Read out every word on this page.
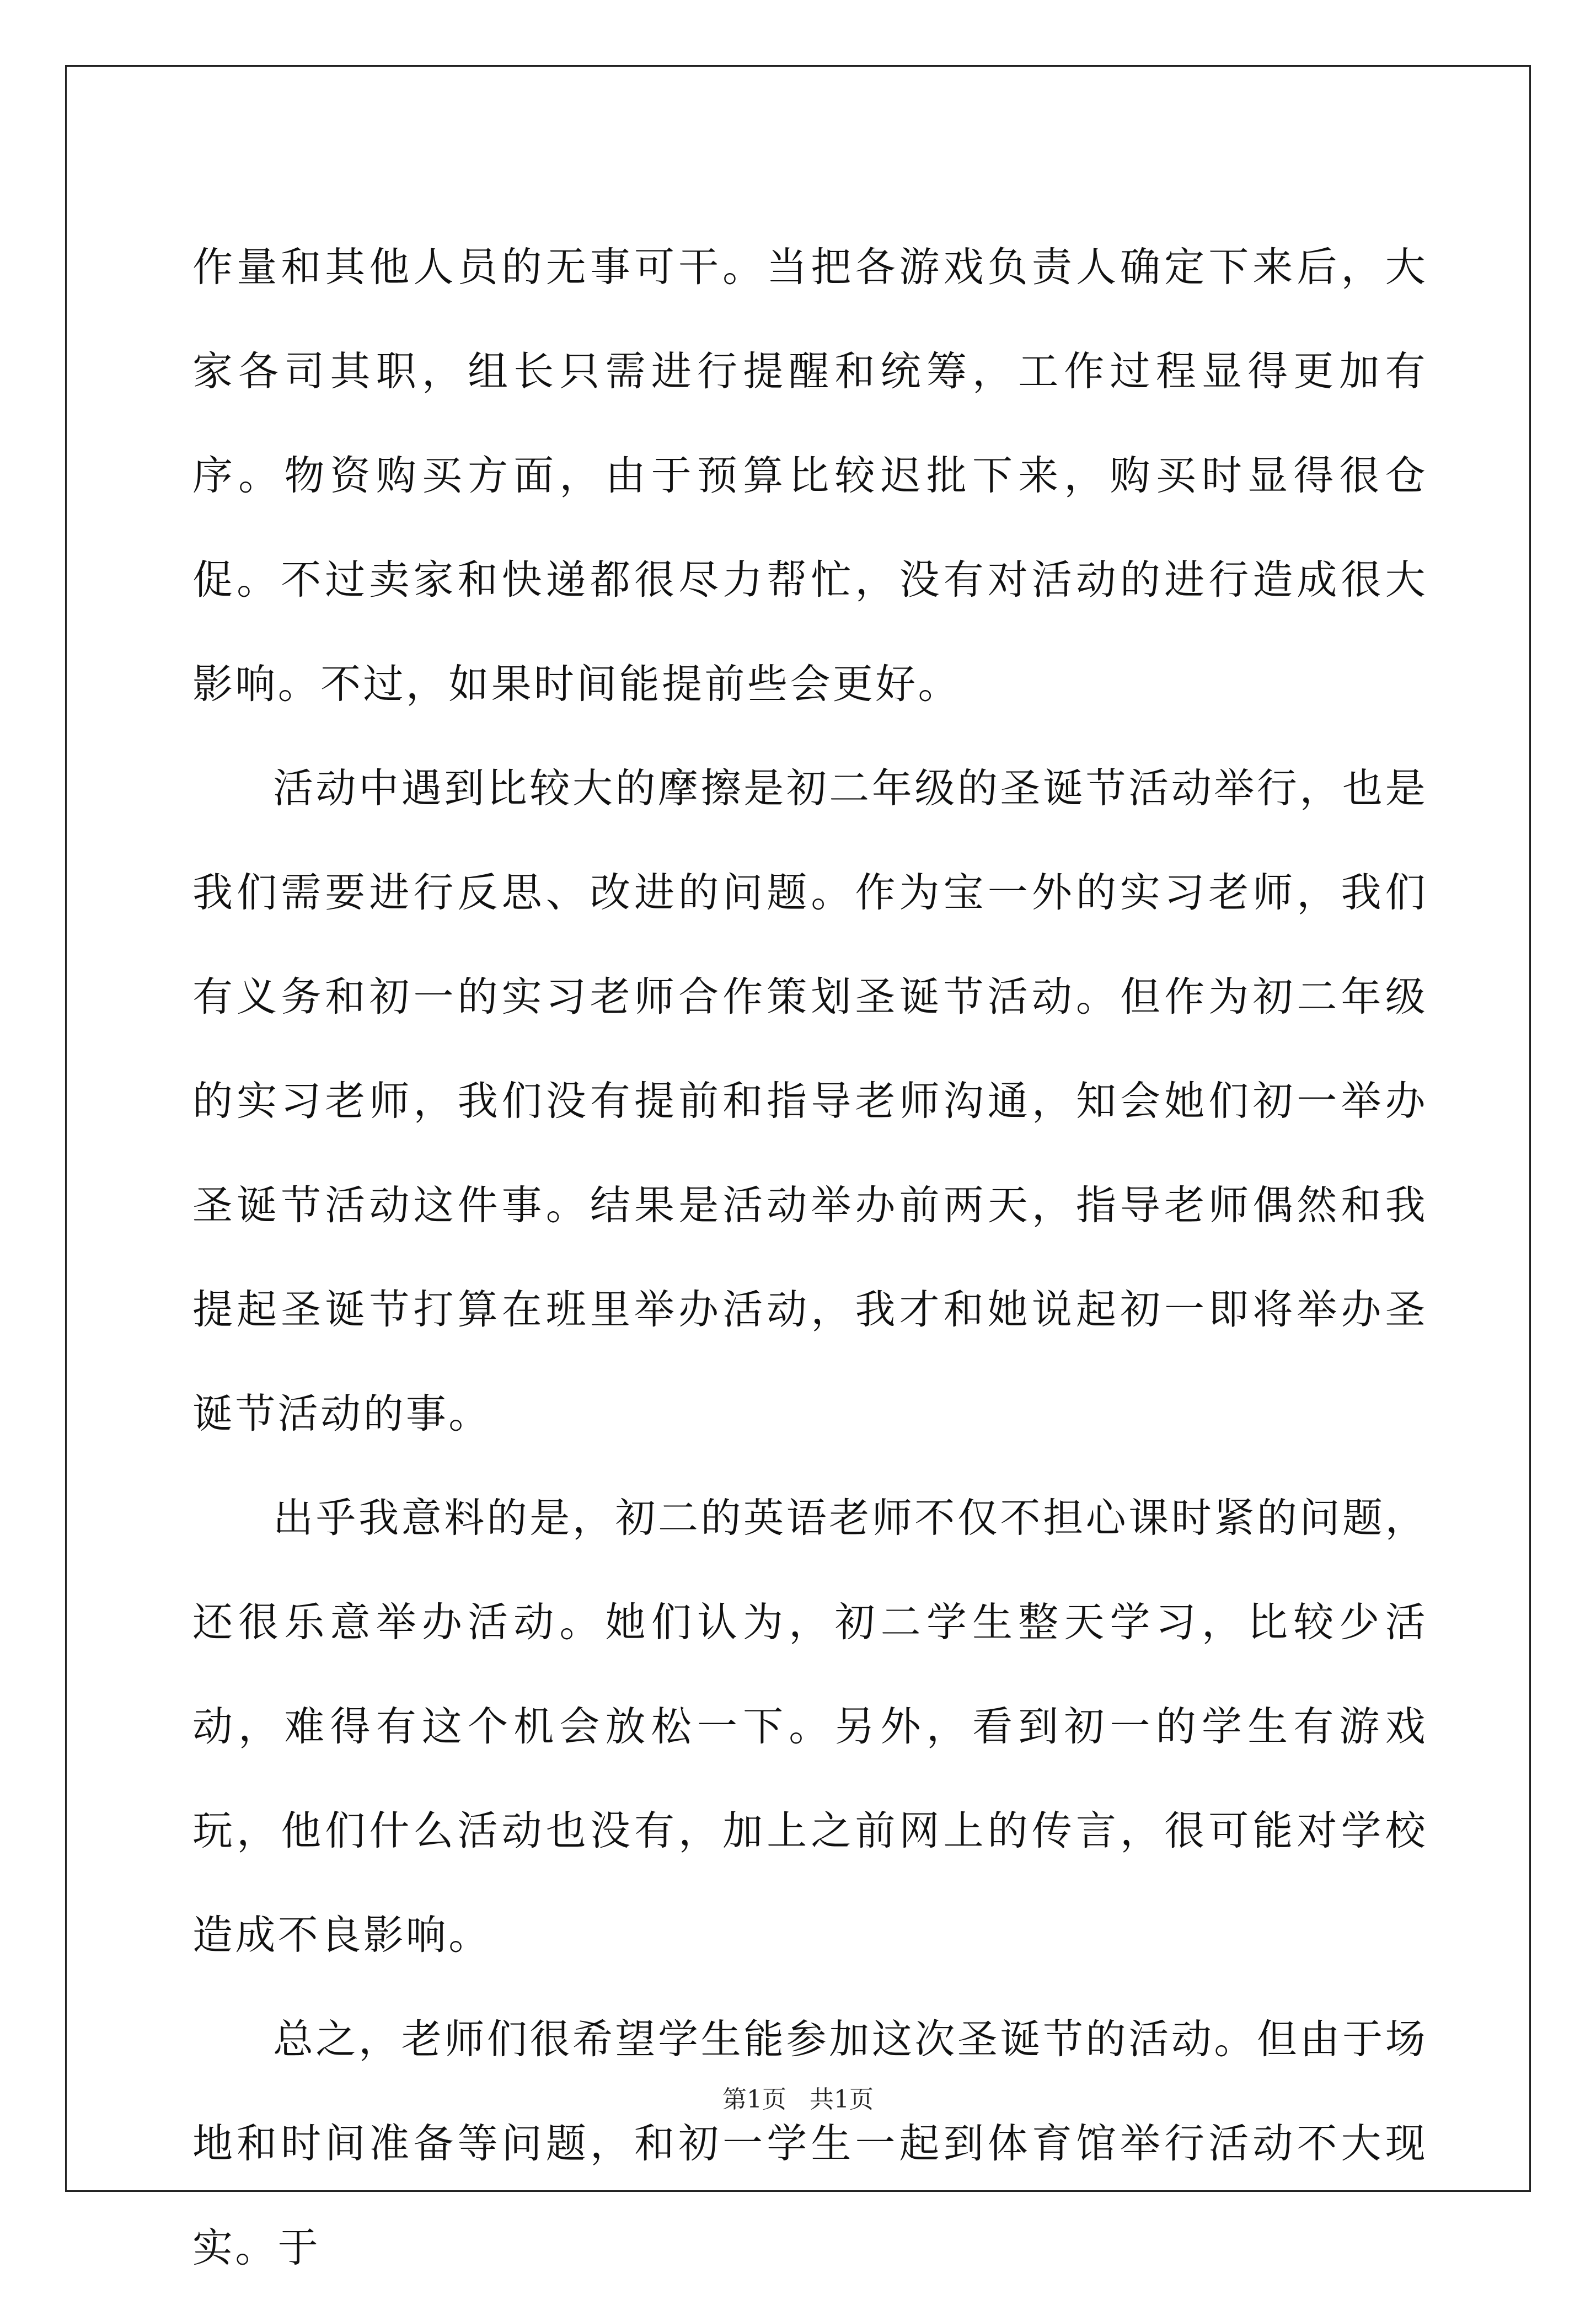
作量和其他人员的无事可干。当把各游戏负责人确定下来后，大家各司其职，组长只需进行提醒和统筹，工作过程显得更加有序。物资购买方面，由于预算比较迟批下来，购买时显得很仓促。不过卖家和快递都很尽力帮忙，没有对活动的进行造成很大影响。不过，如果时间能提前些会更好。

活动中遇到比较大的摩擦是初二年级的圣诞节活动举行，也是我们需要进行反思、改进的问题。作为宝一外的实习老师，我们有义务和初一的实习老师合作策划圣诞节活动。但作为初二年级的实习老师，我们没有提前和指导老师沟通，知会她们初一举办圣诞节活动这件事。结果是活动举办前两天，指导老师偶然和我提起圣诞节打算在班里举办活动，我才和她说起初一即将举办圣诞节活动的事。

出乎我意料的是，初二的英语老师不仅不担心课时紧的问题，还很乐意举办活动。她们认为，初二学生整天学习，比较少活动，难得有这个机会放松一下。另外，看到初一的学生有游戏玩，他们什么活动也没有，加上之前网上的传言，很可能对学校造成不良影响。

总之，老师们很希望学生能参加这次圣诞节的活动。但由于场地和时间准备等问题，和初一学生一起到体育馆举行活动不大现实。于

第1页   共1页
